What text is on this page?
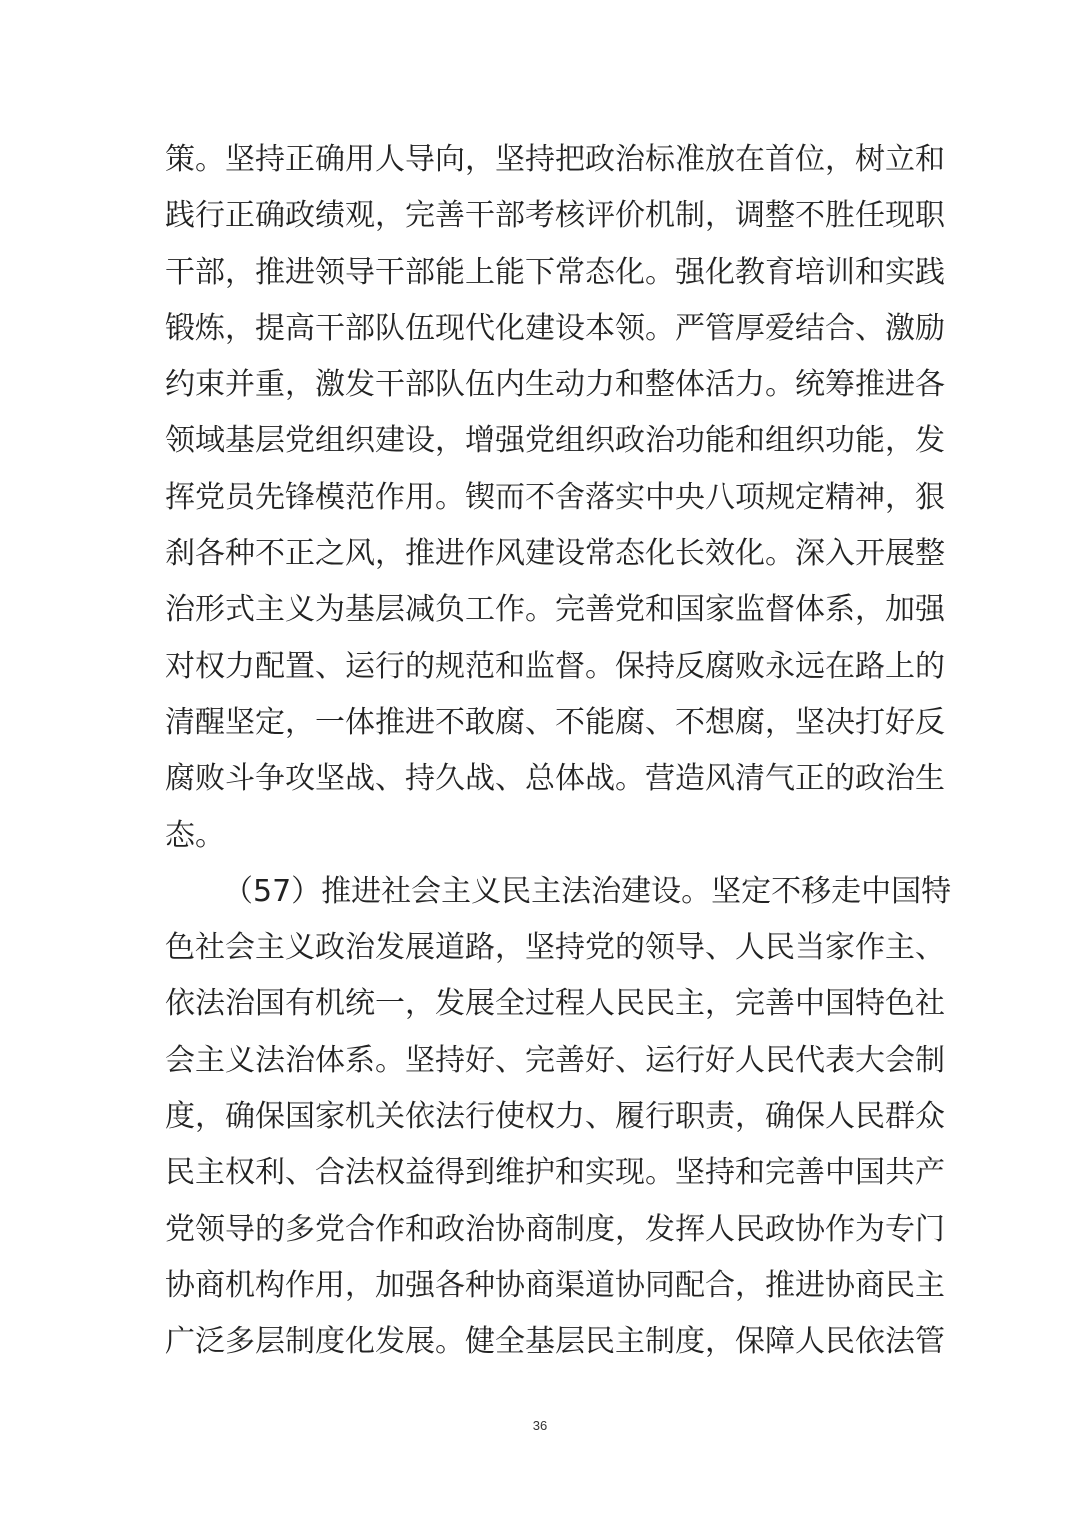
策。坚持正确用人导向，坚持把政治标准放在首位，树立和
践行正确政绩观，完善干部考核评价机制，调整不胜任现职
干部，推进领导干部能上能下常态化。强化教育培训和实践
锻炼，提高干部队伍现代化建设本领。严管厚爱结合、激励
约束并重，激发干部队伍内生动力和整体活力。统筹推进各
领域基层党组织建设，增强党组织政治功能和组织功能，发
挥党员先锋模范作用。锲而不舍落实中央八项规定精神，狠
刹各种不正之风，推进作风建设常态化长效化。深入开展整
治形式主义为基层减负工作。完善党和国家监督体系，加强
对权力配置、运行的规范和监督。保持反腐败永远在路上的
清醒坚定，一体推进不敢腐、不能腐、不想腐，坚决打好反
腐败斗争攻坚战、持久战、总体战。营造风清气正的政治生
态。
（57）推进社会主义民主法治建设。坚定不移走中国特
色社会主义政治发展道路，坚持党的领导、人民当家作主、
依法治国有机统一，发展全过程人民民主，完善中国特色社
会主义法治体系。坚持好、完善好、运行好人民代表大会制
度，确保国家机关依法行使权力、履行职责，确保人民群众
民主权利、合法权益得到维护和实现。坚持和完善中国共产
党领导的多党合作和政治协商制度，发挥人民政协作为专门
协商机构作用，加强各种协商渠道协同配合，推进协商民主
广泛多层制度化发展。健全基层民主制度，保障人民依法管
36
